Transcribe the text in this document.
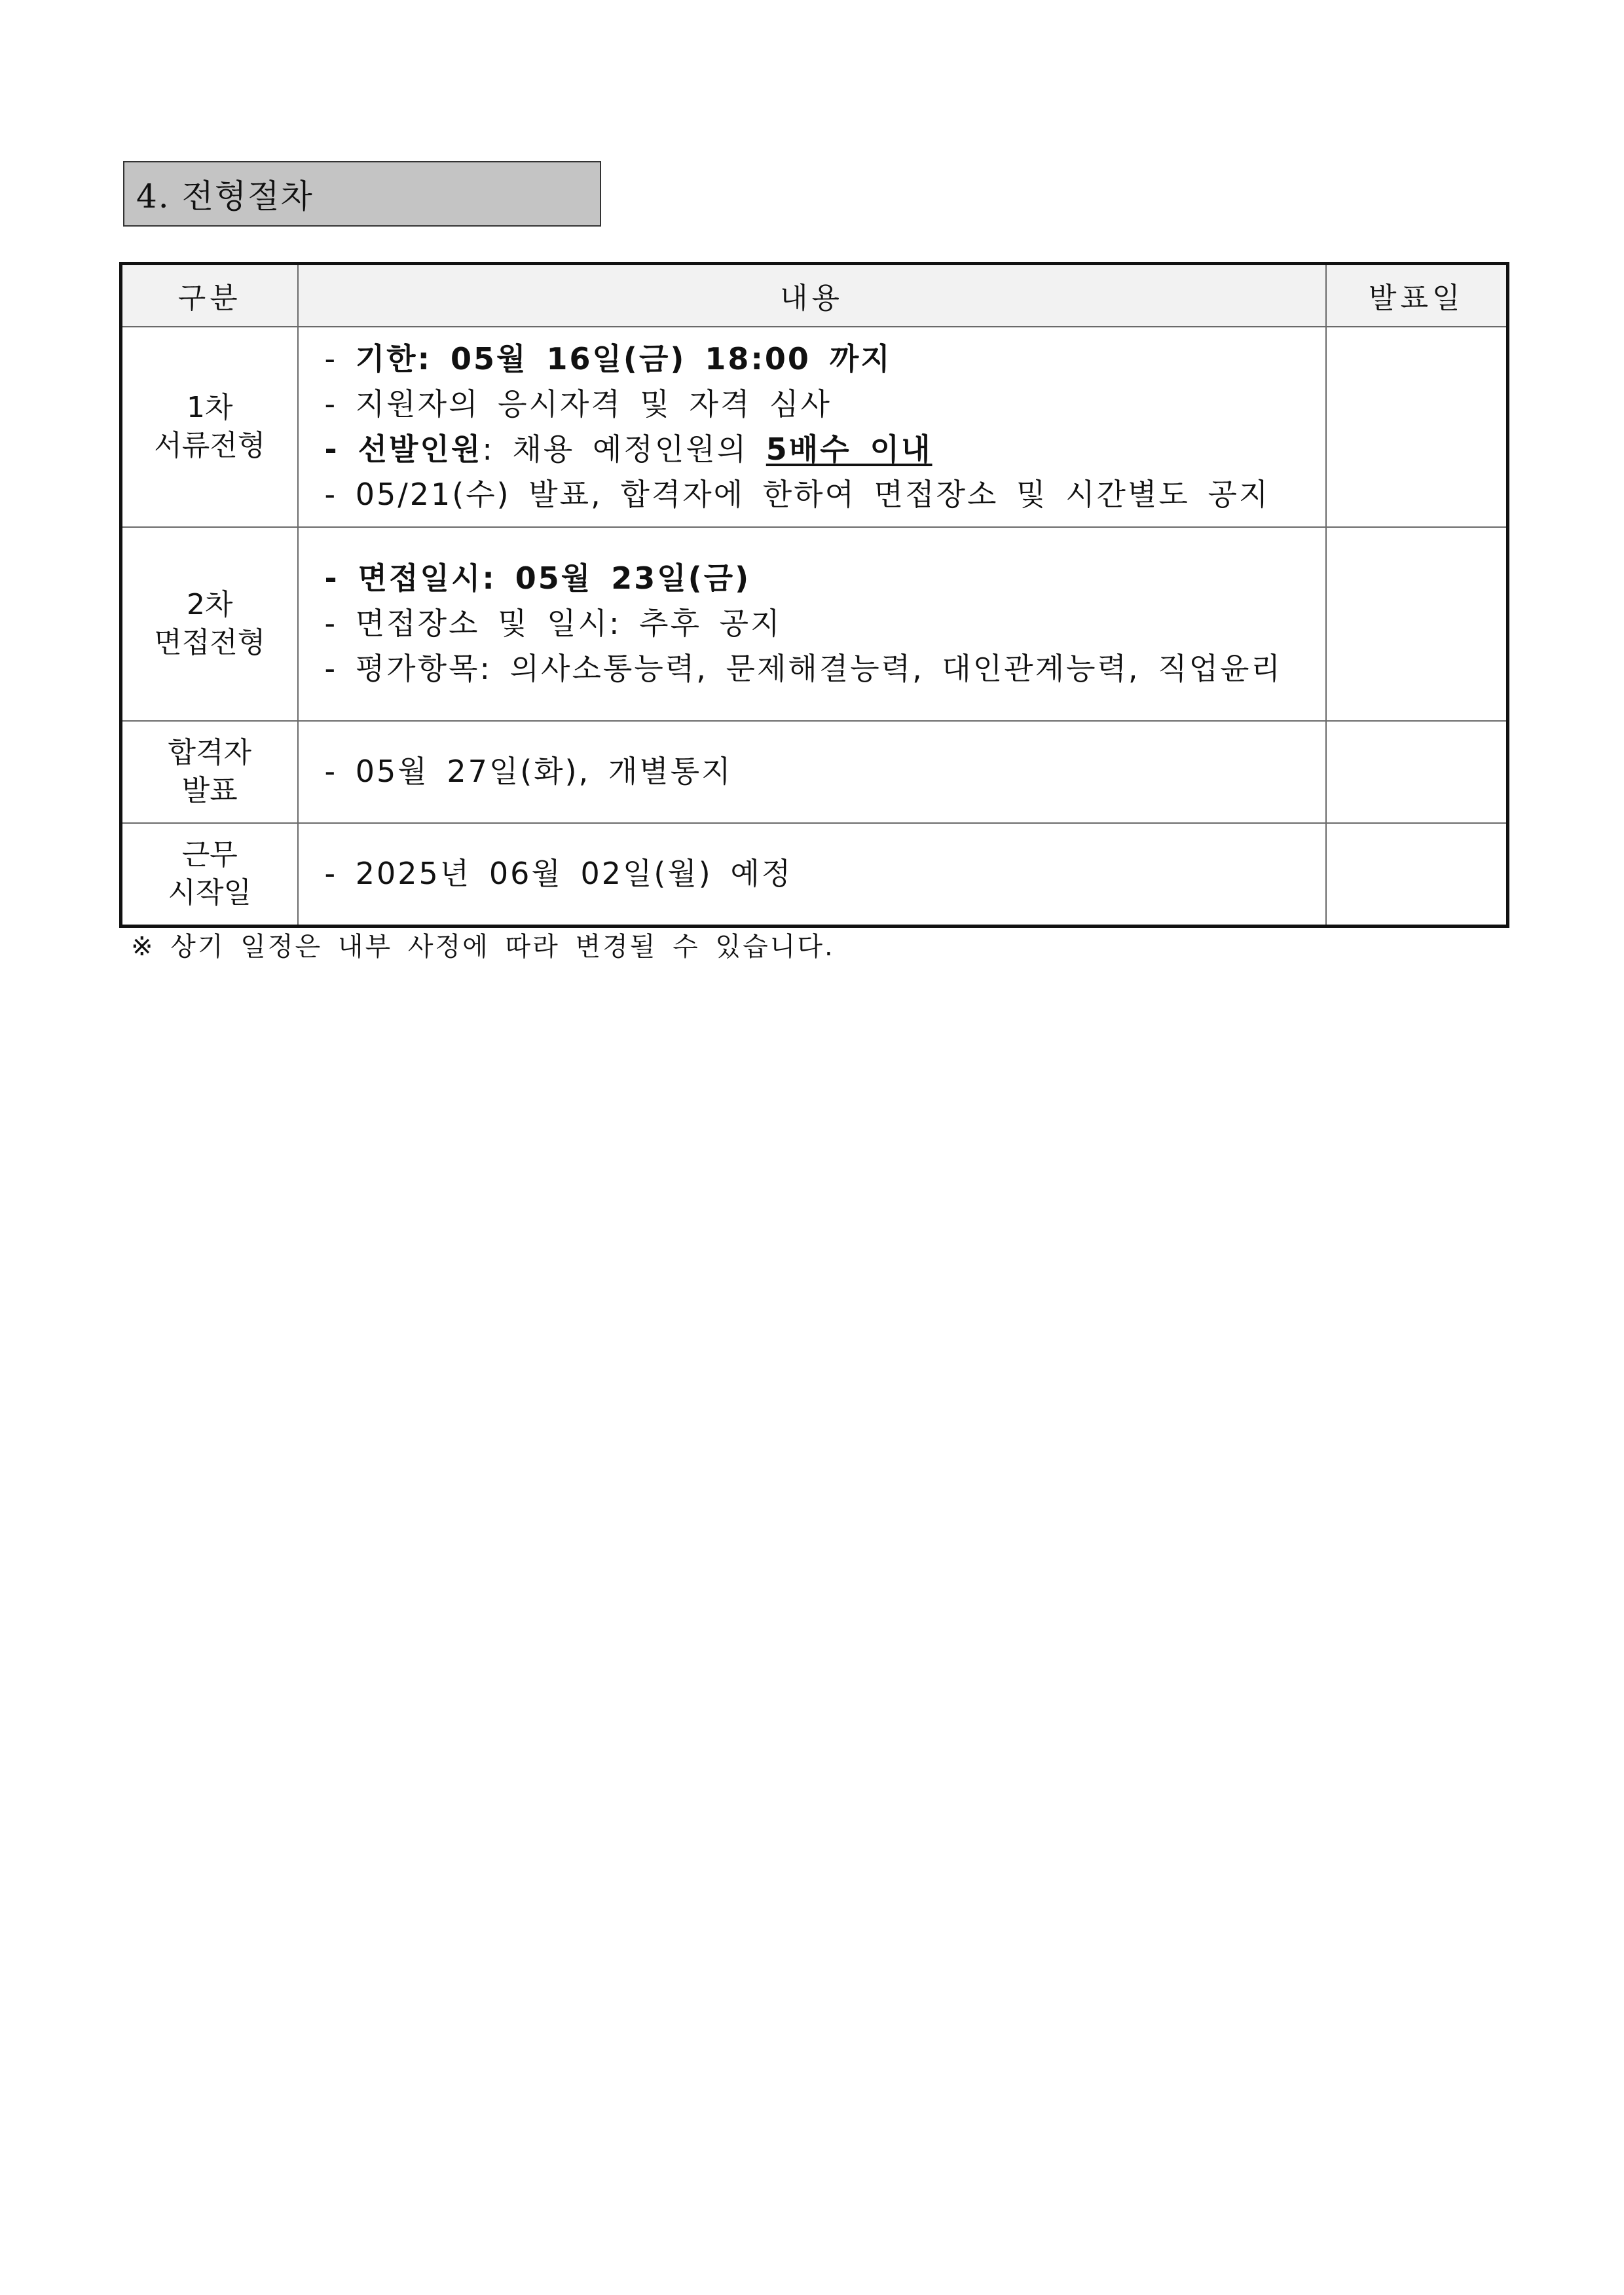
4. 전형절차
구분	내용	발표일

1차
서류전형	- 기한: 05월 16일(금) 18:00 까지
- 지원자의 응시자격 및 자격 심사
- 선발인원: 채용 예정인원의 5배수 이내
- 05/21(수) 발표, 합격자에 한하여 면접장소 및 시간별도 공지	

2차
면접전형	- 면접일시: 05월 23일(금)
- 면접장소 및 일시: 추후 공지
- 평가항목: 의사소통능력, 문제해결능력, 대인관계능력, 직업윤리	

합격자
발표	- 05월 27일(화), 개별통지	

근무
시작일	- 2025년 06월 02일(월) 예정	

※ 상기 일정은 내부 사정에 따라 변경될 수 있습니다.
